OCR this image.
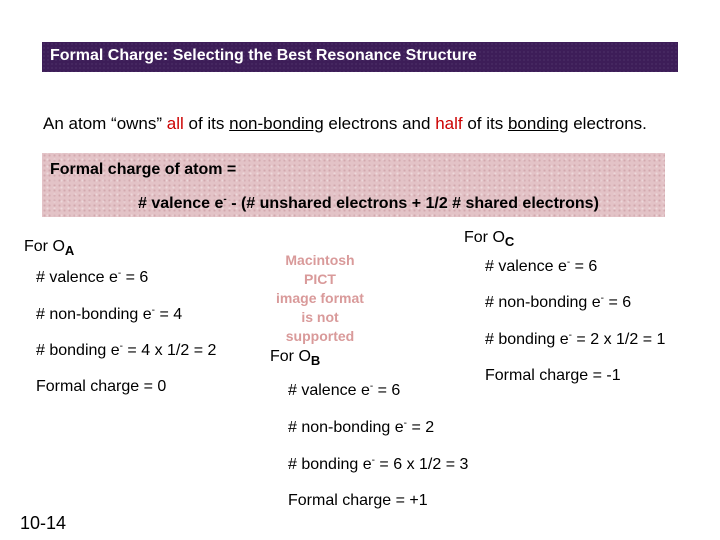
Formal Charge: Selecting the Best Resonance Structure
An atom “owns” all of its non-bonding electrons and half of its bonding electrons.
Formal charge of atom =
# valence e- - (# unshared electrons + 1/2 # shared electrons)
Macintosh PICT
image format
is not supported
For $O_A$
# valence e- = 6
# non-bonding e- = 4
# bonding e- = 4 x 1/2 = 2
Formal charge = 0
For $O_C$
# valence e- = 6
# non-bonding e- = 6
# bonding e- = 2 x 1/2 = 1
Formal charge = -1
For $O_B$
# valence e- = 6
# non-bonding e- = 2
# bonding e- = 6 x 1/2 = 3
Formal charge = +1
10-14
